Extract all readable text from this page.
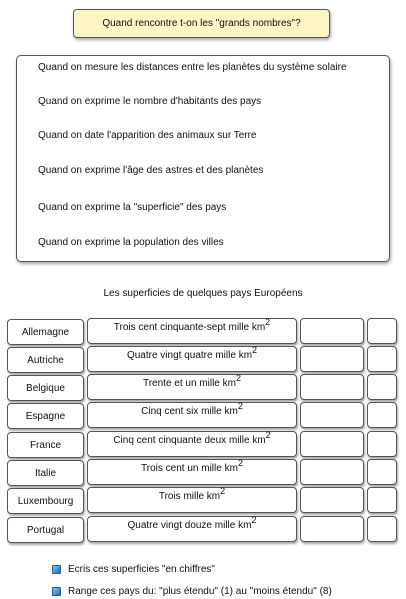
Quand rencontre t-on les "grands nombres"?
Quand on mesure les distances entre les planètes du système solaire
Quand on exprime le nombre d'habitants des pays
Quand on date l'apparition des animaux sur Terre
Quand on exprime l'âge des astres et des planètes
Quand on exprime la "superficie" des pays
Quand on exprime la population des villes
Les superficies de quelques pays Européens
Allemagne	Trois cent cinquante-sept mille $km^2$
Autriche	Quatre vingt quatre mille $km^2$
Belgique	Trente et un mille $km^2$
Espagne	Cinq cent six mille $km^2$
France	Cinq cent cinquante deux mille $km^2$
Italie	Trois cent un mille $km^2$
Luxembourg	Trois mille $km^2$
Portugal	Quatre vingt douze mille $km^2$
Ecris ces superficies "en chiffres"
Range ces pays du: "plus étendu" (1) au "moins étendu" (8)
